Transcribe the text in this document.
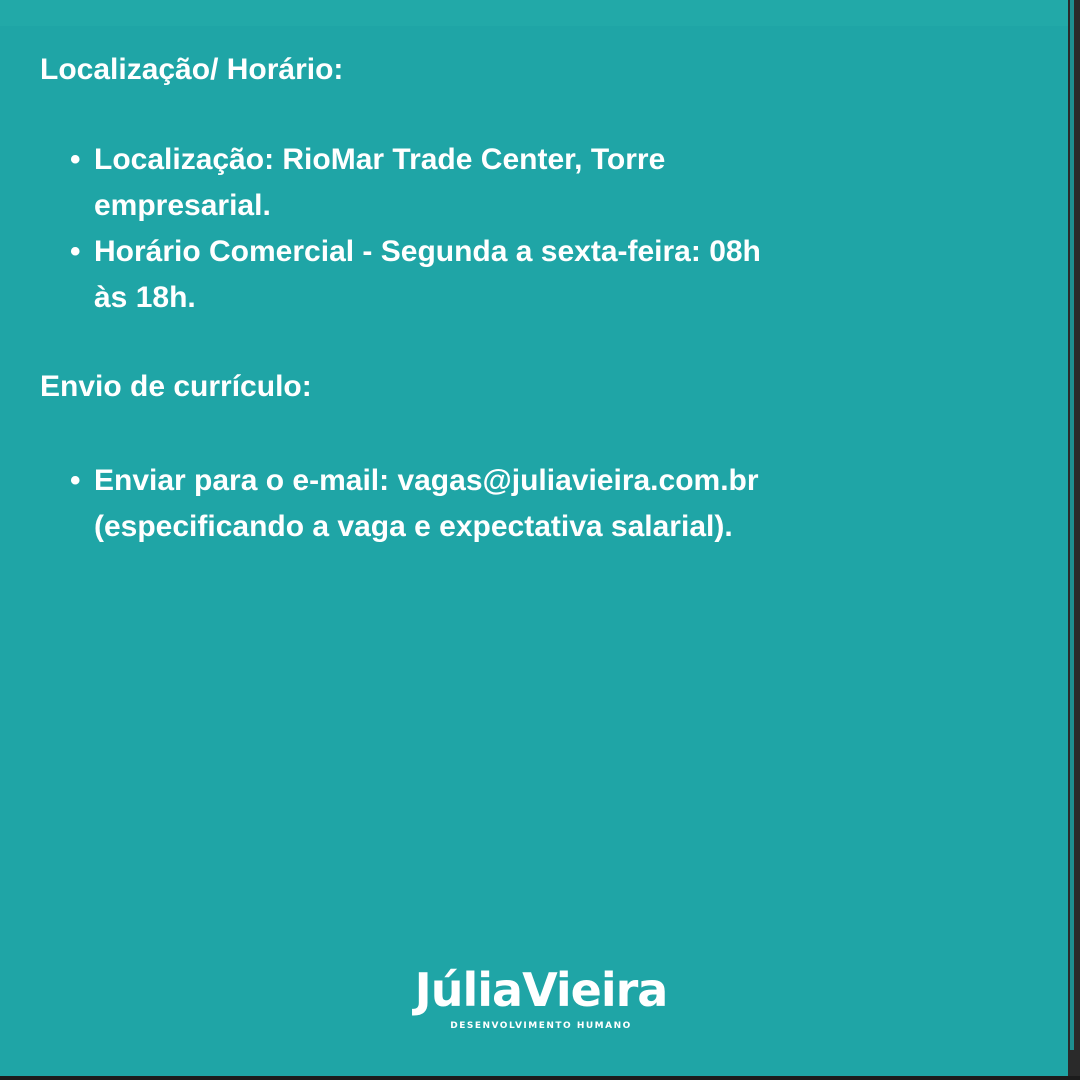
Localização/ Horário:
• Localização: RioMar Trade Center, Torre
empresarial.
• Horário Comercial - Segunda a sexta-feira: 08h
às 18h.
Envio de currículo:
• Enviar para o e-mail: vagas@juliavieira.com.br
(especificando a vaga e expectativa salarial).
JúliaVieira
DESENVOLVIMENTO HUMANO
